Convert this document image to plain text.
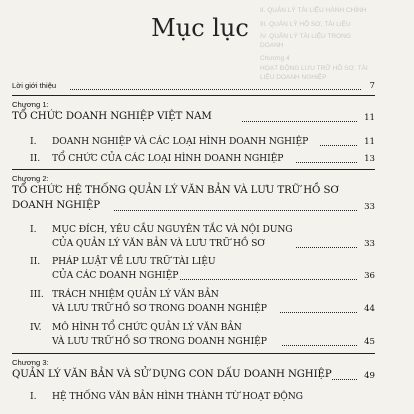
II. QUẢN LÝ TÀI LIỆU HÀNH CHÍNH
III. QUẢN LÝ HỒ SƠ, TÀI LIỆU
IV. QUẢN LÝ TÀI LIỆU TRONG DOANH
Chương 4
HOẠT ĐỘNG LƯU TRỮ HỒ SƠ, TÀI LIỆU DOANH NGHIỆP
Mục lục
Lời giới thiệu	7
Chương 1:
TỔ CHỨC DOANH NGHIỆP VIỆT NAM	11
I. DOANH NGHIỆP VÀ CÁC LOẠI HÌNH DOANH NGHIỆP	11
II. TỔ CHỨC CỦA CÁC LOẠI HÌNH DOANH NGHIỆP	13
Chương 2:
TỔ CHỨC HỆ THỐNG QUẢN LÝ VĂN BẢN VÀ LƯU TRỮ HỒ SƠ
DOANH NGHIỆP	33
I. MỤC ĐÍCH, YÊU CẦU NGUYÊN TẮC VÀ NỘI DUNG
CỦA QUẢN LÝ VĂN BẢN VÀ LƯU TRỮ HỒ SƠ	33
II. PHÁP LUẬT VỀ LƯU TRỮ TÀI LIỆU
CỦA CÁC DOANH NGHIỆP	36
III. TRÁCH NHIỆM QUẢN LÝ VĂN BẢN
VÀ LƯU TRỮ HỒ SƠ TRONG DOANH NGHIỆP	44
IV. MÔ HÌNH TỔ CHỨC QUẢN LÝ VĂN BẢN
VÀ LƯU TRỮ HỒ SƠ TRONG DOANH NGHIỆP	45
Chương 3:
QUẢN LÝ VĂN BẢN VÀ SỬ DỤNG CON DẤU DOANH NGHIỆP	49
I. HỆ THỐNG VĂN BẢN HÌNH THÀNH TỪ HOẠT ĐỘNG
